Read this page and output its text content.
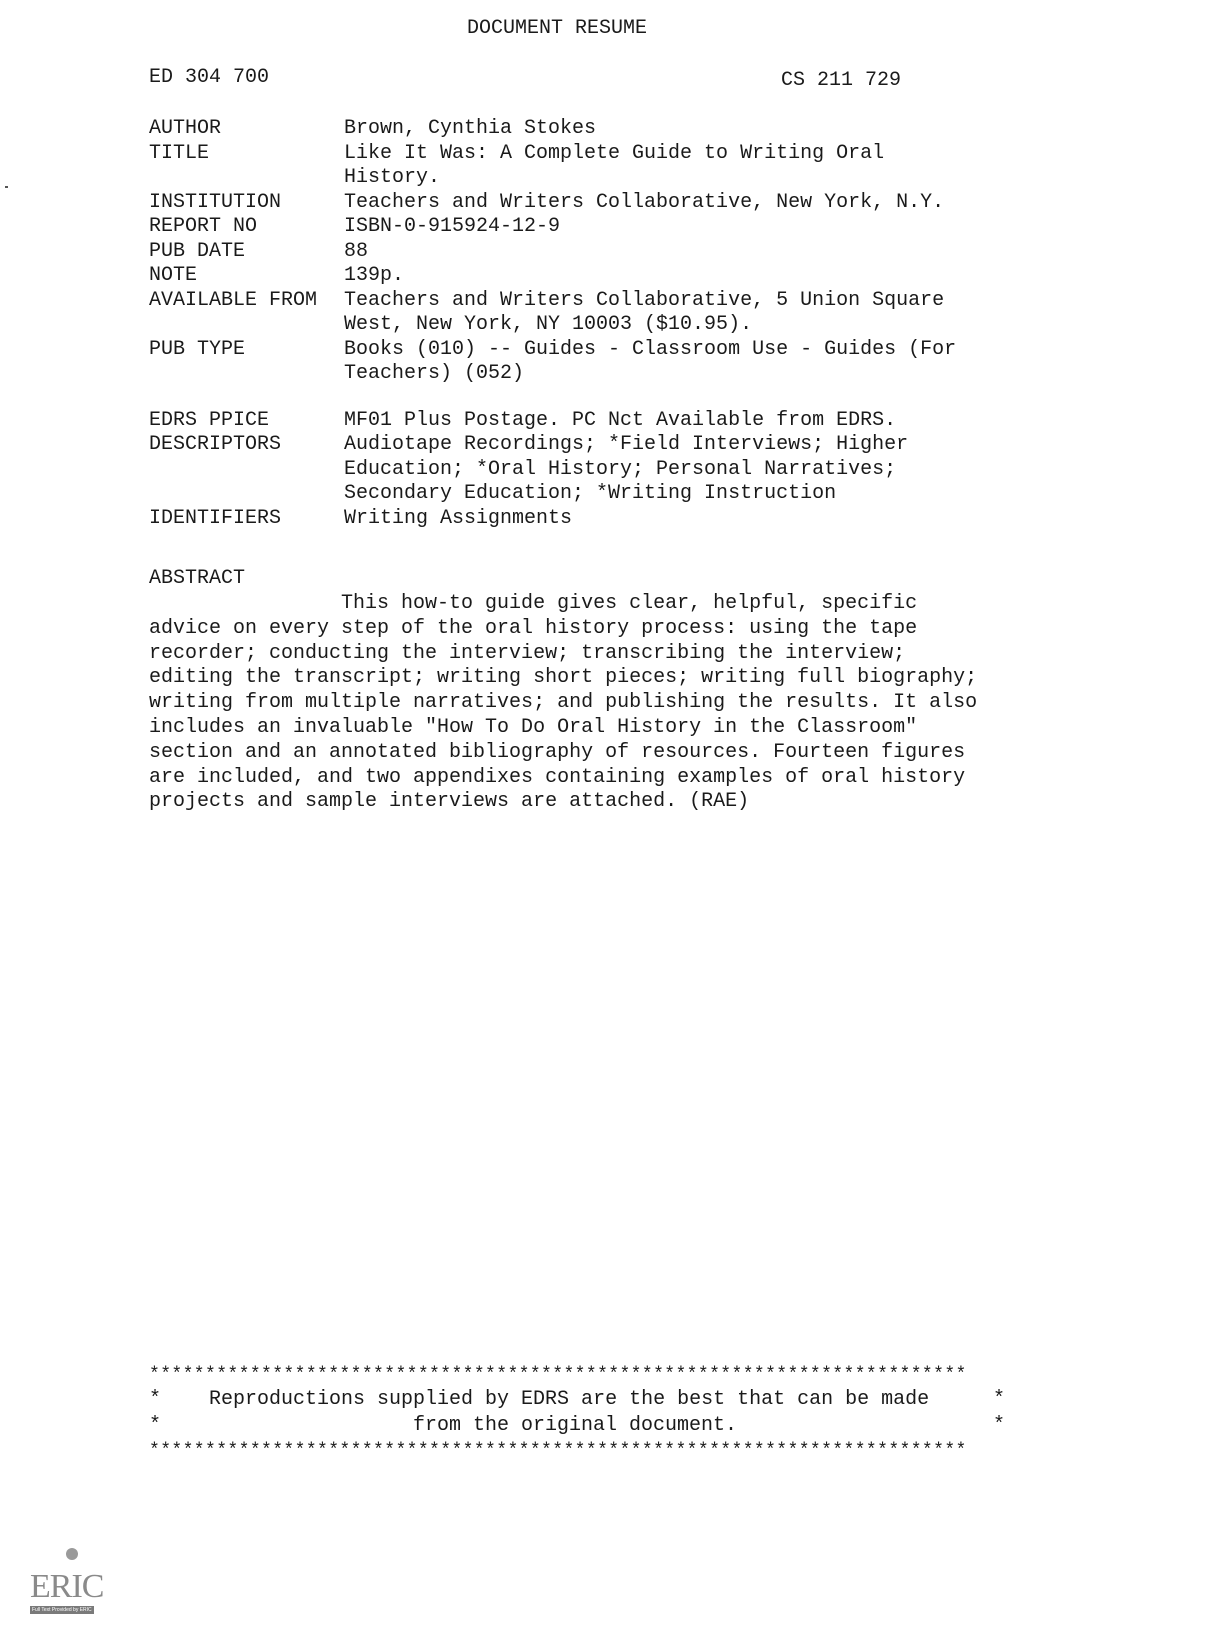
DOCUMENT RESUME
ED 304 700	CS 211 729
AUTHOR	Brown, Cynthia Stokes
TITLE	Like It Was: A Complete Guide to Writing Oral
History.
INSTITUTION	Teachers and Writers Collaborative, New York, N.Y.
REPORT NO	ISBN-0-915924-12-9
PUB DATE	88
NOTE	139p.
AVAILABLE FROM	Teachers and Writers Collaborative, 5 Union Square
West, New York, NY 10003 ($10.95).
PUB TYPE	Books (010) -- Guides - Classroom Use - Guides (For
Teachers) (052)
EDRS PPICE	MF01 Plus Postage. PC Nct Available from EDRS.
DESCRIPTORS	Audiotape Recordings; *Field Interviews; Higher
Education; *Oral History; Personal Narratives;
Secondary Education; *Writing Instruction
IDENTIFIERS	Writing Assignments
ABSTRACT
This how-to guide gives clear, helpful, specific
advice on every step of the oral history process: using the tape
recorder; conducting the interview; transcribing the interview;
editing the transcript; writing short pieces; writing full biography;
writing from multiple narratives; and publishing the results. It also
includes an invaluable "How To Do Oral History in the Classroom"
section and an annotated bibliography of resources. Fourteen figures
are included, and two appendixes containing examples of oral history
projects and sample interviews are attached. (RAE)
*************************************************************************
* Reproductions supplied by EDRS are the best that can be made	*
*	from the original document.	*
*************************************************************************
ERIC
Full Text Provided by ERIC
